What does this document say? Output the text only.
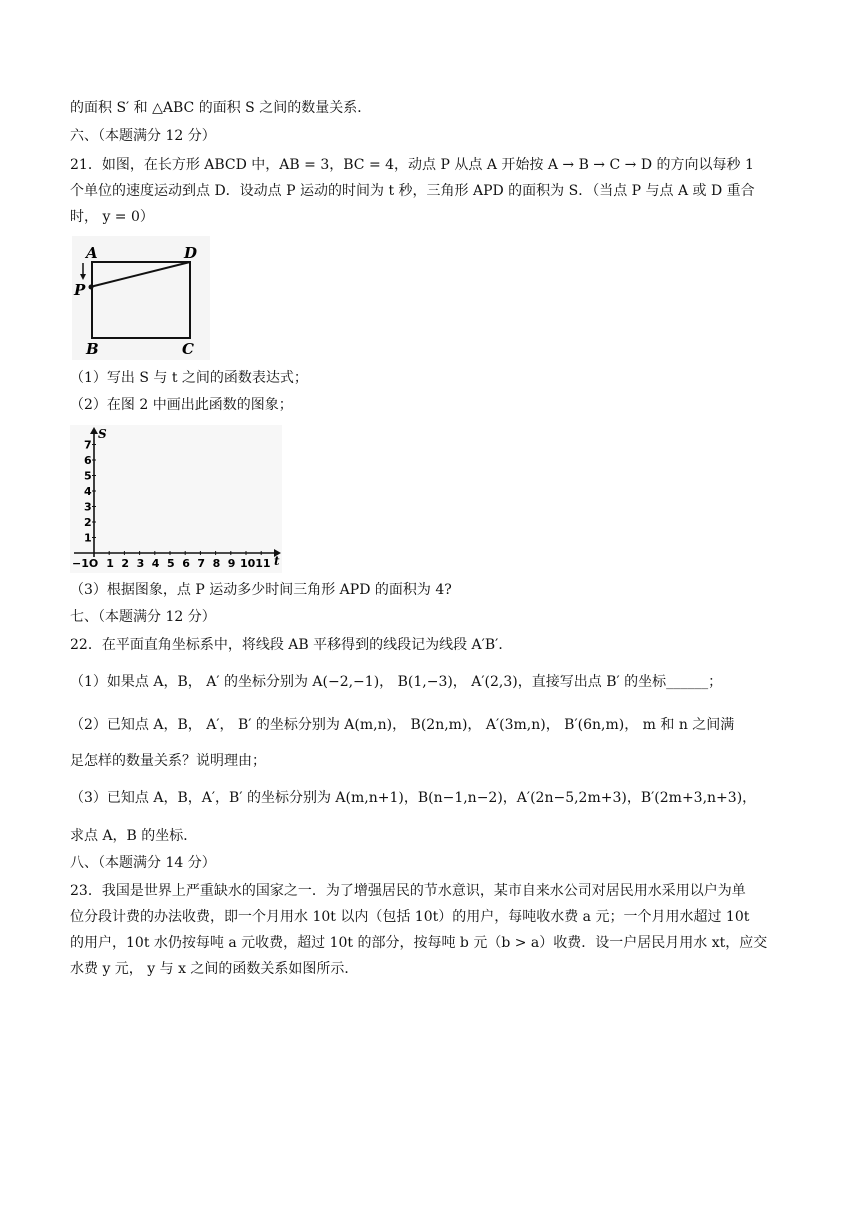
的面积 S′ 和 △ABC 的面积 S 之间的数量关系．
六、（本题满分 12 分）
21．如图，在长方形 ABCD 中，AB = 3，BC = 4，动点 P 从点 A 开始按 A → B → C → D 的方向以每秒 1
个单位的速度运动到点 D．设动点 P 运动的时间为 t 秒，三角形 APD 的面积为 S．（当点 P 与点 A 或 D 重合
时， y = 0）
（1）写出 S 与 t 之间的函数表达式；
（2）在图 2 中画出此函数的图象；
（3）根据图象，点 P 运动多少时间三角形 APD 的面积为 4?
七、（本题满分 12 分）
22．在平面直角坐标系中，将线段 AB 平移得到的线段记为线段 A′B′．
（1）如果点 A，B， A′ 的坐标分别为 A(−2,−1)， B(1,−3)， A′(2,3)，直接写出点 B′ 的坐标______；
（2）已知点 A，B， A′， B′ 的坐标分别为 A(m,n)， B(2n,m)， A′(3m,n)， B′(6n,m)， m 和 n 之间满
足怎样的数量关系？说明理由；
（3）已知点 A，B，A′，B′ 的坐标分别为 A(m,n+1)，B(n−1,n−2)，A′(2n−5,2m+3)，B′(2m+3,n+3)，
求点 A，B 的坐标．
八、（本题满分 14 分）
23．我国是世界上严重缺水的国家之一．为了增强居民的节水意识，某市自来水公司对居民用水采用以户为单
位分段计费的办法收费，即一个月用水 10t 以内（包括 10t）的用户，每吨收水费 a 元；一个月用水超过 10t
的用户，10t 水仍按每吨 a 元收费，超过 10t 的部分，按每吨 b 元（b > a）收费．设一户居民月用水 xt，应交
水费 y 元， y 与 x 之间的函数关系如图所示．
A	D
P
B	C
S
t
−1O
1
2
3
4
5
6
7
1 2 3 4 5 6 7 8 9 10 11
